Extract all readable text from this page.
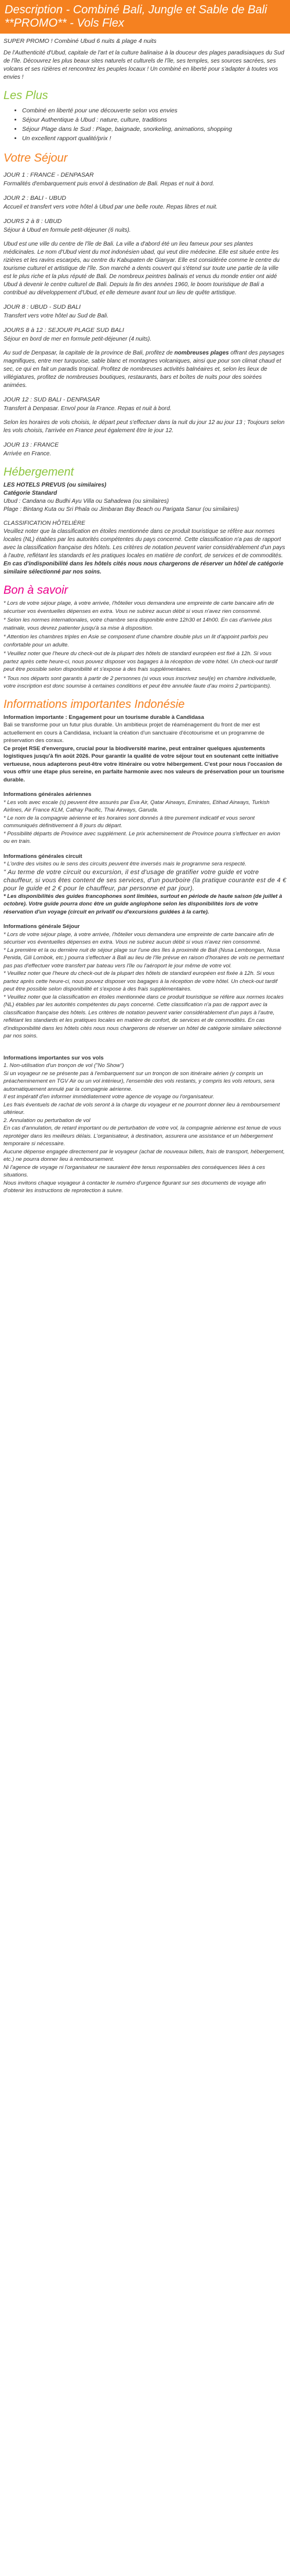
Description - Combiné Bali, Jungle et Sable de Bali **PROMO** - Vols Flex
SUPER PROMO ! Combiné Ubud 6 nuits & plage 4 nuits
De l'Authenticité d'Ubud, capitale de l'art et la culture balinaise à la douceur des plages paradisiaques du Sud de l'île. Découvrez les plus beaux sites naturels et culturels de l'île, ses temples, ses sources sacrées, ses volcans et ses rizières et rencontrez les peuples locaux ! Un combiné en liberté pour s'adapter à toutes vos envies !
Les Plus
• Combiné en liberté pour une découverte selon vos envies
• Séjour Authentique à Ubud : nature, culture, traditions
• Séjour Plage dans le Sud : Plage, baignade, snorkeling, animations, shopping
• Un excellent rapport qualité/prix !
Votre Séjour
JOUR 1 : FRANCE - DENPASAR
Formalités d'embarquement puis envol à destination de Bali. Repas et nuit à bord.
JOUR 2 : BALI - UBUD
Accueil et transfert vers votre hôtel à Ubud par une belle route. Repas libres et nuit.
JOURS 2 à 8 : UBUD
Séjour à Ubud en formule petit-déjeuner (6 nuits).
Ubud est une ville du centre de l'île de Bali. La ville a d'abord été un lieu fameux pour ses plantes médicinales. Le nom d'Ubud vient du mot indonésien ubad, qui veut dire médecine. Elle est située entre les rizières et les ravins escarpés, au centre du Kabupaten de Gianyar. Elle est considérée comme le centre du tourisme culturel et artistique de l'île. Son marché a dents couvert qui s'étend sur toute une partie de la ville est le plus riche et la plus réputé de Bali. De nombreux peintres balinais et venus du monde entier ont aidé Ubud à devenir le centre culturel de Bali. Depuis la fin des années 1960, le boom touristique de Bali a contribué au développement d'Ubud, et elle demeure avant tout un lieu de quête artistique.
JOUR 8 : UBUD - SUD BALI
Transfert vers votre hôtel au Sud de Bali.
JOURS 8 à 12 : SEJOUR PLAGE SUD BALI
Séjour en bord de mer en formule petit-déjeuner (4 nuits).
Au sud de Denpasar, la capitale de la province de Bali, profitez de nombreuses plages offrant des paysages magnifiques, entre mer turquoise, sable blanc et montagnes volcaniques, ainsi que pour son climat chaud et sec, ce qui en fait un paradis tropical. Profitez de nombreuses activités balnéaires et, selon les lieux de villégiatures, profitez de nombreuses boutiques, restaurants, bars et boîtes de nuits pour des soirées animées.
JOUR 12 : SUD BALI - DENPASAR
Transfert à Denpasar. Envol pour la France. Repas et nuit à bord.
Selon les horaires de vols choisis, le départ peut s'effectuer dans la nuit du jour 12 au jour 13 ; Toujours selon les vols choisis, l'arrivée en France peut également être le jour 12.
JOUR 13 : FRANCE
Arrivée en France.
Hébergement
LES HOTELS PREVUS (ou similaires)
Catégorie Standard
Ubud : Candana ou Budhi Ayu Villa ou Sahadewa (ou similaires)
Plage : Bintang Kuta ou Sri Phala ou Jimbaran Bay Beach ou Parigata Sanur (ou similaires)
CLASSIFICATION HÔTELIÈRE
Veuillez noter que la classification en étoiles mentionnée dans ce produit touristique se réfère aux normes locales (NL) établies par les autorités compétentes du pays concerné. Cette classification n'a pas de rapport avec la classification française des hôtels. Les critères de notation peuvent varier considérablement d'un pays à l'autre, reflétant les standards et les pratiques locales en matière de confort, de services et de commodités.
En cas d'indisponibilité dans les hôtels cités nous nous chargerons de réserver un hôtel de catégorie similaire sélectionné par nos soins.
Bon à savoir

* Lors de votre séjour plage, à votre arrivée, l'hôtelier vous demandera une empreinte de carte bancaire afin de sécuriser vos éventuelles dépenses en extra. Vous ne subirez aucun débit si vous n'avez rien consommé.

* Selon les normes internationales, votre chambre sera disponible entre 12h30 et 14h00. En cas d'arrivée plus matinale, vous devrez patienter jusqu'à sa mise à disposition.

* Attention les chambres triples en Asie se composent d'une chambre double plus un lit d'appoint parfois peu confortable pour un adulte.

* Veuillez noter que l'heure du check-out de la plupart des hôtels de standard européen est fixé à 12h. Si vous partez après cette heure-ci, nous pouvez disposer vos bagages à la réception de votre hôtel. Un check-out tardif peut être possible selon disponibilité et s'expose à des frais supplémentaires.

* Tous nos départs sont garantis à partir de 2 personnes (si vous vous inscrivez seul(e) en chambre individuelle, votre inscription est donc soumise à certaines conditions et peut être annulée faute d'au moins 2 participants).

Informations importantes Indonésie

Information importante : Engagement pour un tourisme durable à Candidasa

Bali se transforme pour un futur plus durable. Un ambitieux projet de réaménagement du front de mer est actuellement en cours à Candidasa, incluant la création d'un sanctuaire d'écotourisme et un programme de préservation des coraux.

Ce projet RSE d'envergure, crucial pour la biodiversité marine, peut entraîner quelques ajustements logistiques jusqu'à fin août 2026. Pour garantir la qualité de votre séjour tout en soutenant cette initiative vertueuse, nous adapterons peut-être votre itinéraire ou votre hébergement. C'est pour nous l'occasion de vous offrir une étape plus sereine, en parfaite harmonie avec nos valeurs de préservation pour un tourisme durable.

Informations générales aériennes

* Les vols avec escale (s) peuvent être assurés par Eva Air, Qatar Airways, Emirates, Etihad Airways, Turkish Airlines, Air France KLM, Cathay Pacific, Thai Airways, Garuda.

* Le nom de la compagnie aérienne et les horaires sont donnés à titre purement indicatif et vous seront communiqués définitivement à 8 jours du départ.

* Possibilité départs de Province avec supplément. Le prix acheminement de Province pourra s'effectuer en avion ou en train.

Informations générales circuit

* L'ordre des visites ou le sens des circuits peuvent être inversés mais le programme sera respecté.

" Au terme de votre circuit ou excursion, il est d'usage de gratifier votre guide et votre chauffeur, si vous êtes content de ses services, d'un pourboire (la pratique courante est de 4 € pour le guide et 2 € pour le chauffeur, par personne et par jour).

* Les disponibilités des guides francophones sont limitées, surtout en période de haute saison (de juillet à octobre). Votre guide pourra donc être un guide anglophone selon les disponibilités lors de votre réservation d'un voyage (circuit en privatif ou d'excursions guidées à la carte).

Informations générale Séjour

* Lors de votre séjour plage, à votre arrivée, l'hôtelier vous demandera une empreinte de carte bancaire afin de sécuriser vos éventuelles dépenses en extra. Vous ne subirez aucun débit si vous n'avez rien consommé.

* La première et la ou dernière nuit de séjour plage sur l'une des îles à proximité de Bali (Nusa Lembongan, Nusa Penida, Gili Lombok, etc.) pourra s'effectuer à Bali au lieu de l'île prévue en raison d'horaires de vols ne permettant pas pas d'effectuer votre transfert par bateau vers l'île ou l'aéroport le jour même de votre vol.

* Veuillez noter que l'heure du check-out de la plupart des hôtels de standard européen est fixée à 12h. Si vous partez après cette heure-ci, nous pouvez disposer vos bagages à la réception de votre hôtel. Un check-out tardif peut être possible selon disponibilité et s'expose à des frais supplémentaires.

* Veuillez noter que la classification en étoiles mentionnée dans ce produit touristique se réfère aux normes locales (NL) établies par les autorités compétentes du pays concerné. Cette classification n'a pas de rapport avec la classification française des hôtels. Les critères de notation peuvent varier considérablement d'un pays à l'autre, reflétant les standards et les pratiques locales en matière de confort, de services et de commodités. En cas d'indisponibilité dans les hôtels cités nous nous chargerons de réserver un hôtel de catégorie similaire sélectionné par nos soins.

Informations importantes sur vos vols

1. Non-utilisation d'un tronçon de vol ("No Show")

Si un voyageur ne se présente pas à l'embarquement sur un tronçon de son itinéraire aérien (y compris un préacheminement en TGV Air ou un vol intérieur), l'ensemble des vols restants, y compris les vols retours, sera automatiquement annulé par la compagnie aérienne.

Il est impératif d'en informer immédiatement votre agence de voyage ou l'organisateur.

Les frais éventuels de rachat de vols seront à la charge du voyageur et ne pourront donner lieu à remboursement ultérieur.

2. Annulation ou perturbation de vol

En cas d'annulation, de retard important ou de perturbation de votre vol, la compagnie aérienne est tenue de vous reprotéger dans les meilleurs délais. L'organisateur, à destination, assurera une assistance et un hébergement temporaire si nécessaire.

Aucune dépense engagée directement par le voyageur (achat de nouveaux billets, frais de transport, hébergement, etc.) ne pourra donner lieu à remboursement.

Ni l'agence de voyage ni l'organisateur ne sauraient être tenus responsables des conséquences liées à ces situations.

Nous invitons chaque voyageur à contacter le numéro d'urgence figurant sur ses documents de voyage afin d'obtenir les instructions de reprotection à suivre.
